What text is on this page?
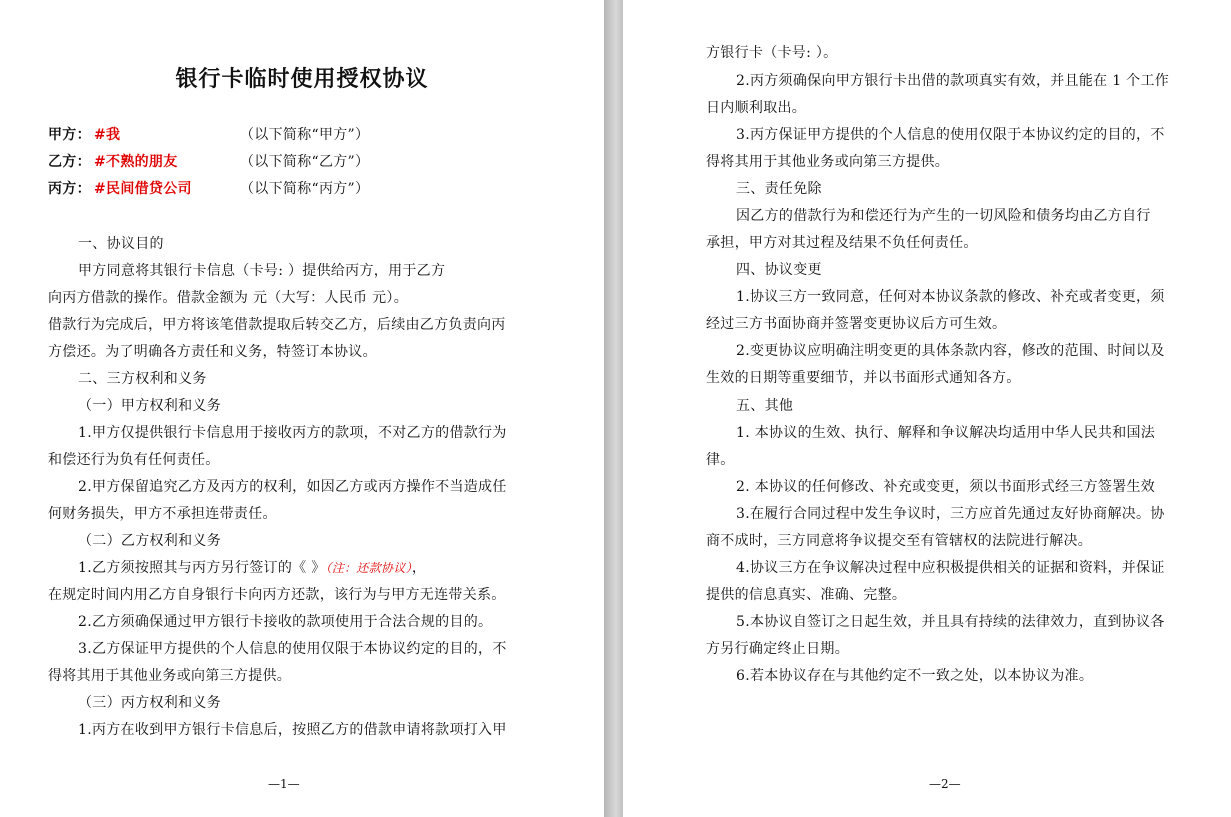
银行卡临时使用授权协议
甲方： #我	（以下简称“甲方”）
乙方： #不熟的朋友	（以下简称“乙方”）
丙方： #民间借贷公司	（以下简称“丙方”）
一、协议目的
甲方同意将其银行卡信息（卡号: ）提供给丙方，用于乙方
向丙方借款的操作。借款金额为 元（大写：人民币 元）。
借款行为完成后，甲方将该笔借款提取后转交乙方，后续由乙方负责向丙
方偿还。为了明确各方责任和义务，特签订本协议。
二、三方权利和义务
（一）甲方权利和义务
1.甲方仅提供银行卡信息用于接收丙方的款项，不对乙方的借款行为
和偿还行为负有任何责任。
2.甲方保留追究乙方及丙方的权利，如因乙方或丙方操作不当造成任
何财务损失，甲方不承担连带责任。
（二）乙方权利和义务
1.乙方须按照其与丙方另行签订的《 》（注：还款协议），
在规定时间内用乙方自身银行卡向丙方还款，该行为与甲方无连带关系。
2.乙方须确保通过甲方银行卡接收的款项使用于合法合规的目的。
3.乙方保证甲方提供的个人信息的使用仅限于本协议约定的目的，不
得将其用于其他业务或向第三方提供。
（三）丙方权利和义务
1.丙方在收到甲方银行卡信息后，按照乙方的借款申请将款项打入甲
—1—
方银行卡（卡号: ）。
2.丙方须确保向甲方银行卡出借的款项真实有效，并且能在 1 个工作
日内顺利取出。
3.丙方保证甲方提供的个人信息的使用仅限于本协议约定的目的，不
得将其用于其他业务或向第三方提供。
三、责任免除
因乙方的借款行为和偿还行为产生的一切风险和债务均由乙方自行
承担，甲方对其过程及结果不负任何责任。
四、协议变更
1.协议三方一致同意，任何对本协议条款的修改、补充或者变更，须
经过三方书面协商并签署变更协议后方可生效。
2.变更协议应明确注明变更的具体条款内容，修改的范围、时间以及
生效的日期等重要细节，并以书面形式通知各方。
五、其他
1. 本协议的生效、执行、解释和争议解决均适用中华人民共和国法
律。
2. 本协议的任何修改、补充或变更，须以书面形式经三方签署生效
3.在履行合同过程中发生争议时，三方应首先通过友好协商解决。协
商不成时，三方同意将争议提交至有管辖权的法院进行解决。
4.协议三方在争议解决过程中应积极提供相关的证据和资料，并保证
提供的信息真实、准确、完整。
5.本协议自签订之日起生效，并且具有持续的法律效力，直到协议各
方另行确定终止日期。
6.若本协议存在与其他约定不一致之处，以本协议为准。
—2—
